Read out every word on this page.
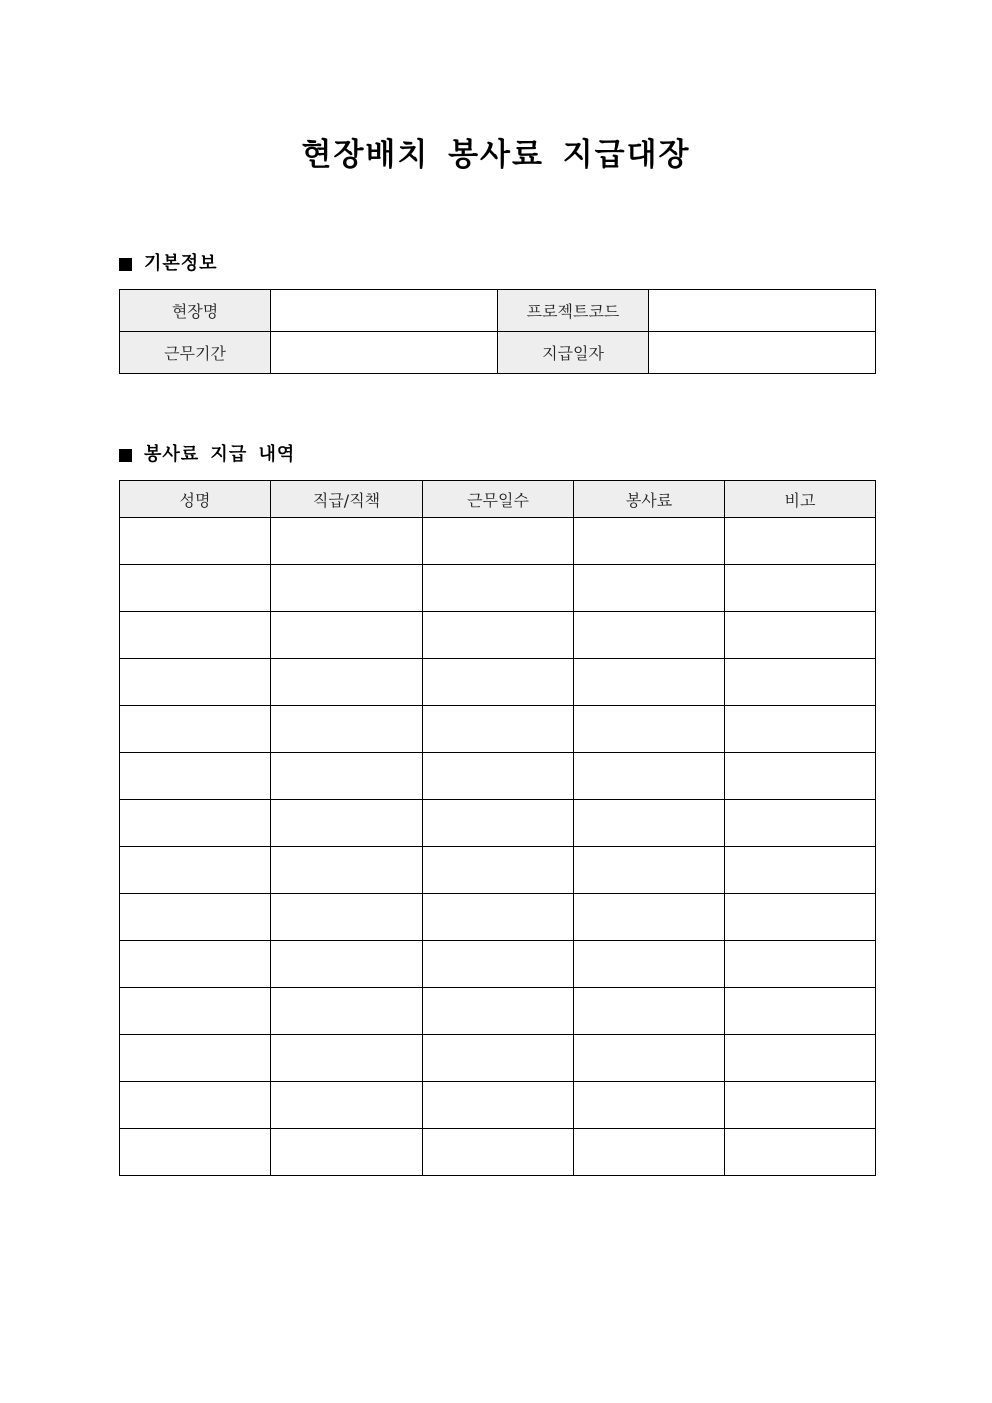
현장배치 봉사료 지급대장
기본정보
현장명		프로젝트코드	
근무기간		지급일자	
봉사료 지급 내역
성명	직급/직책	근무일수	봉사료	비고
